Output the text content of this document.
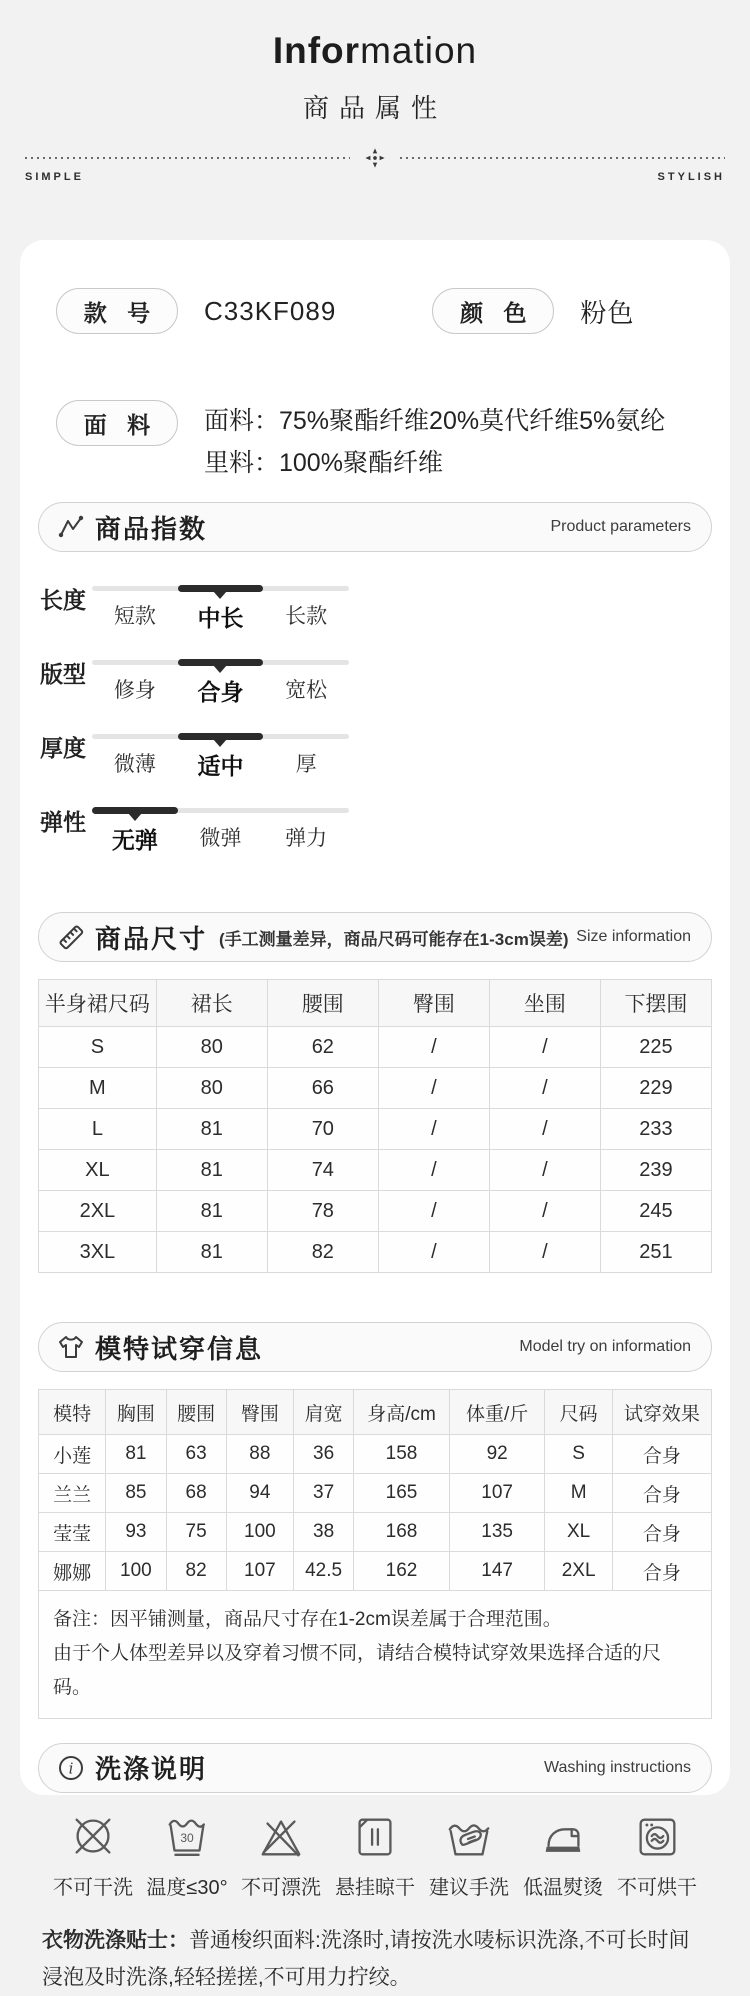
Information
商品属性
SIMPLE	STYLISH
款 号	C33KF089	颜 色	粉色
面 料	面料：75%聚酯纤维20%莫代纤维5%氨纶
里料：100%聚酯纤维
商品指数	Product parameters
长度
短款	中长	长款
版型
修身	合身	宽松
厚度
微薄	适中	厚
弹性
无弹	微弹	弹力
商品尺寸 (手工测量差异，商品尺码可能存在1-3cm误差) Size information
半身裙尺码	裙长	腰围	臀围	坐围	下摆围
S	80	62	/	/	225
M	80	66	/	/	229
L	81	70	/	/	233
XL	81	74	/	/	239
2XL	81	78	/	/	245
3XL	81	82	/	/	251
模特试穿信息	Model try on information
模特	胸围	腰围	臀围	肩宽	身高/cm	体重/斤	尺码	试穿效果
小莲	81	63	88	36	158	92	S	合身
兰兰	85	68	94	37	165	107	M	合身
莹莹	93	75	100	38	168	135	XL	合身
娜娜	100	82	107	42.5	162	147	2XL	合身

备注：因平铺测量，商品尺寸存在1-2cm误差属于合理范围。
由于个人体型差异以及穿着习惯不同，请结合模特试穿效果选择合适的尺码。								
i 洗涤说明	Washing instructions
不可干洗
30
温度≤30° 不可漂洗 悬挂晾干 建议手洗 低温熨烫 不可烘干
衣物洗涤贴士：普通梭织面料:洗涤时,请按洗水唛标识洗涤,不可长时间浸泡及时洗涤,轻轻搓搓,不可用力拧绞。
